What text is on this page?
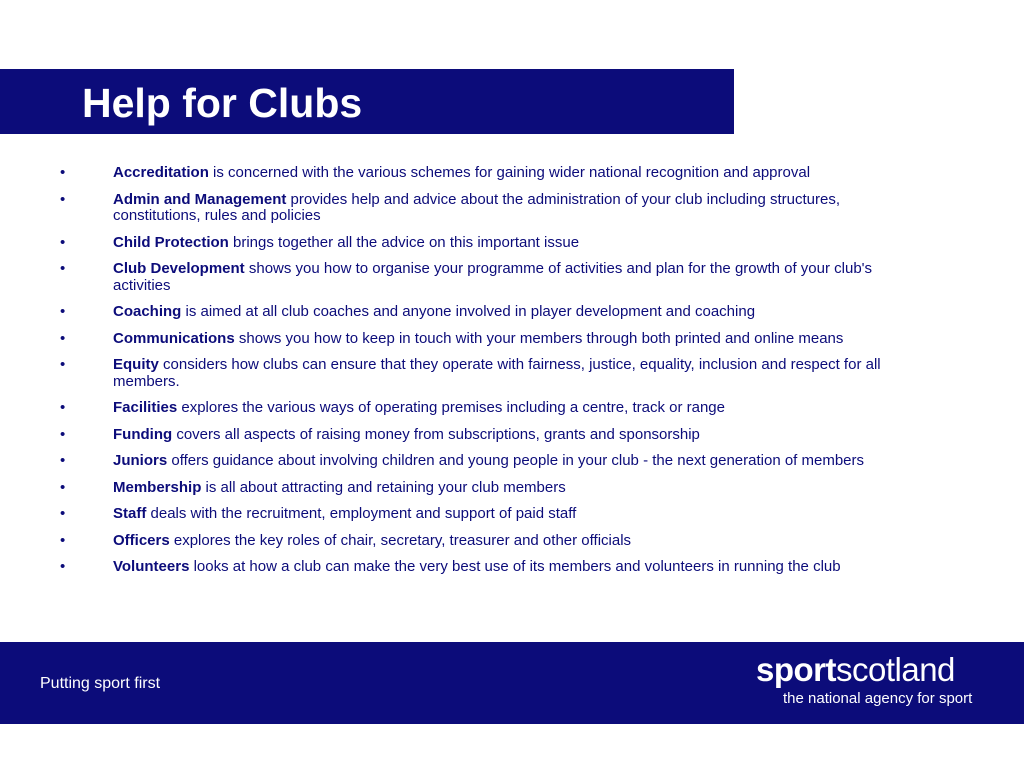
Help for Clubs
•	Accreditation is concerned with the various schemes for gaining wider national recognition and approval
•	Admin and Management provides help and advice about the administration of your club including structures, constitutions, rules and policies
•	Child Protection brings together all the advice on this important issue
•	Club Development shows you how to organise your programme of activities and plan for the growth of your club's activities
•	Coaching is aimed at all club coaches and anyone involved in player development and coaching
•	Communications shows you how to keep in touch with your members through both printed and online means
•	Equity considers how clubs can ensure that they operate with fairness, justice, equality, inclusion and respect for all members.
•	Facilities explores the various ways of operating premises including a centre, track or range
•	Funding covers all aspects of raising money from subscriptions, grants and sponsorship
•	Juniors offers guidance about involving children and young people in your club - the next generation of members
•	Membership is all about attracting and retaining your club members
•	Staff deals with the recruitment, employment and support of paid staff
•	Officers explores the key roles of chair, secretary, treasurer and other officials
•	Volunteers looks at how a club can make the very best use of its members and volunteers in running the club
Putting sport first	sportscotland
the national agency for sport
